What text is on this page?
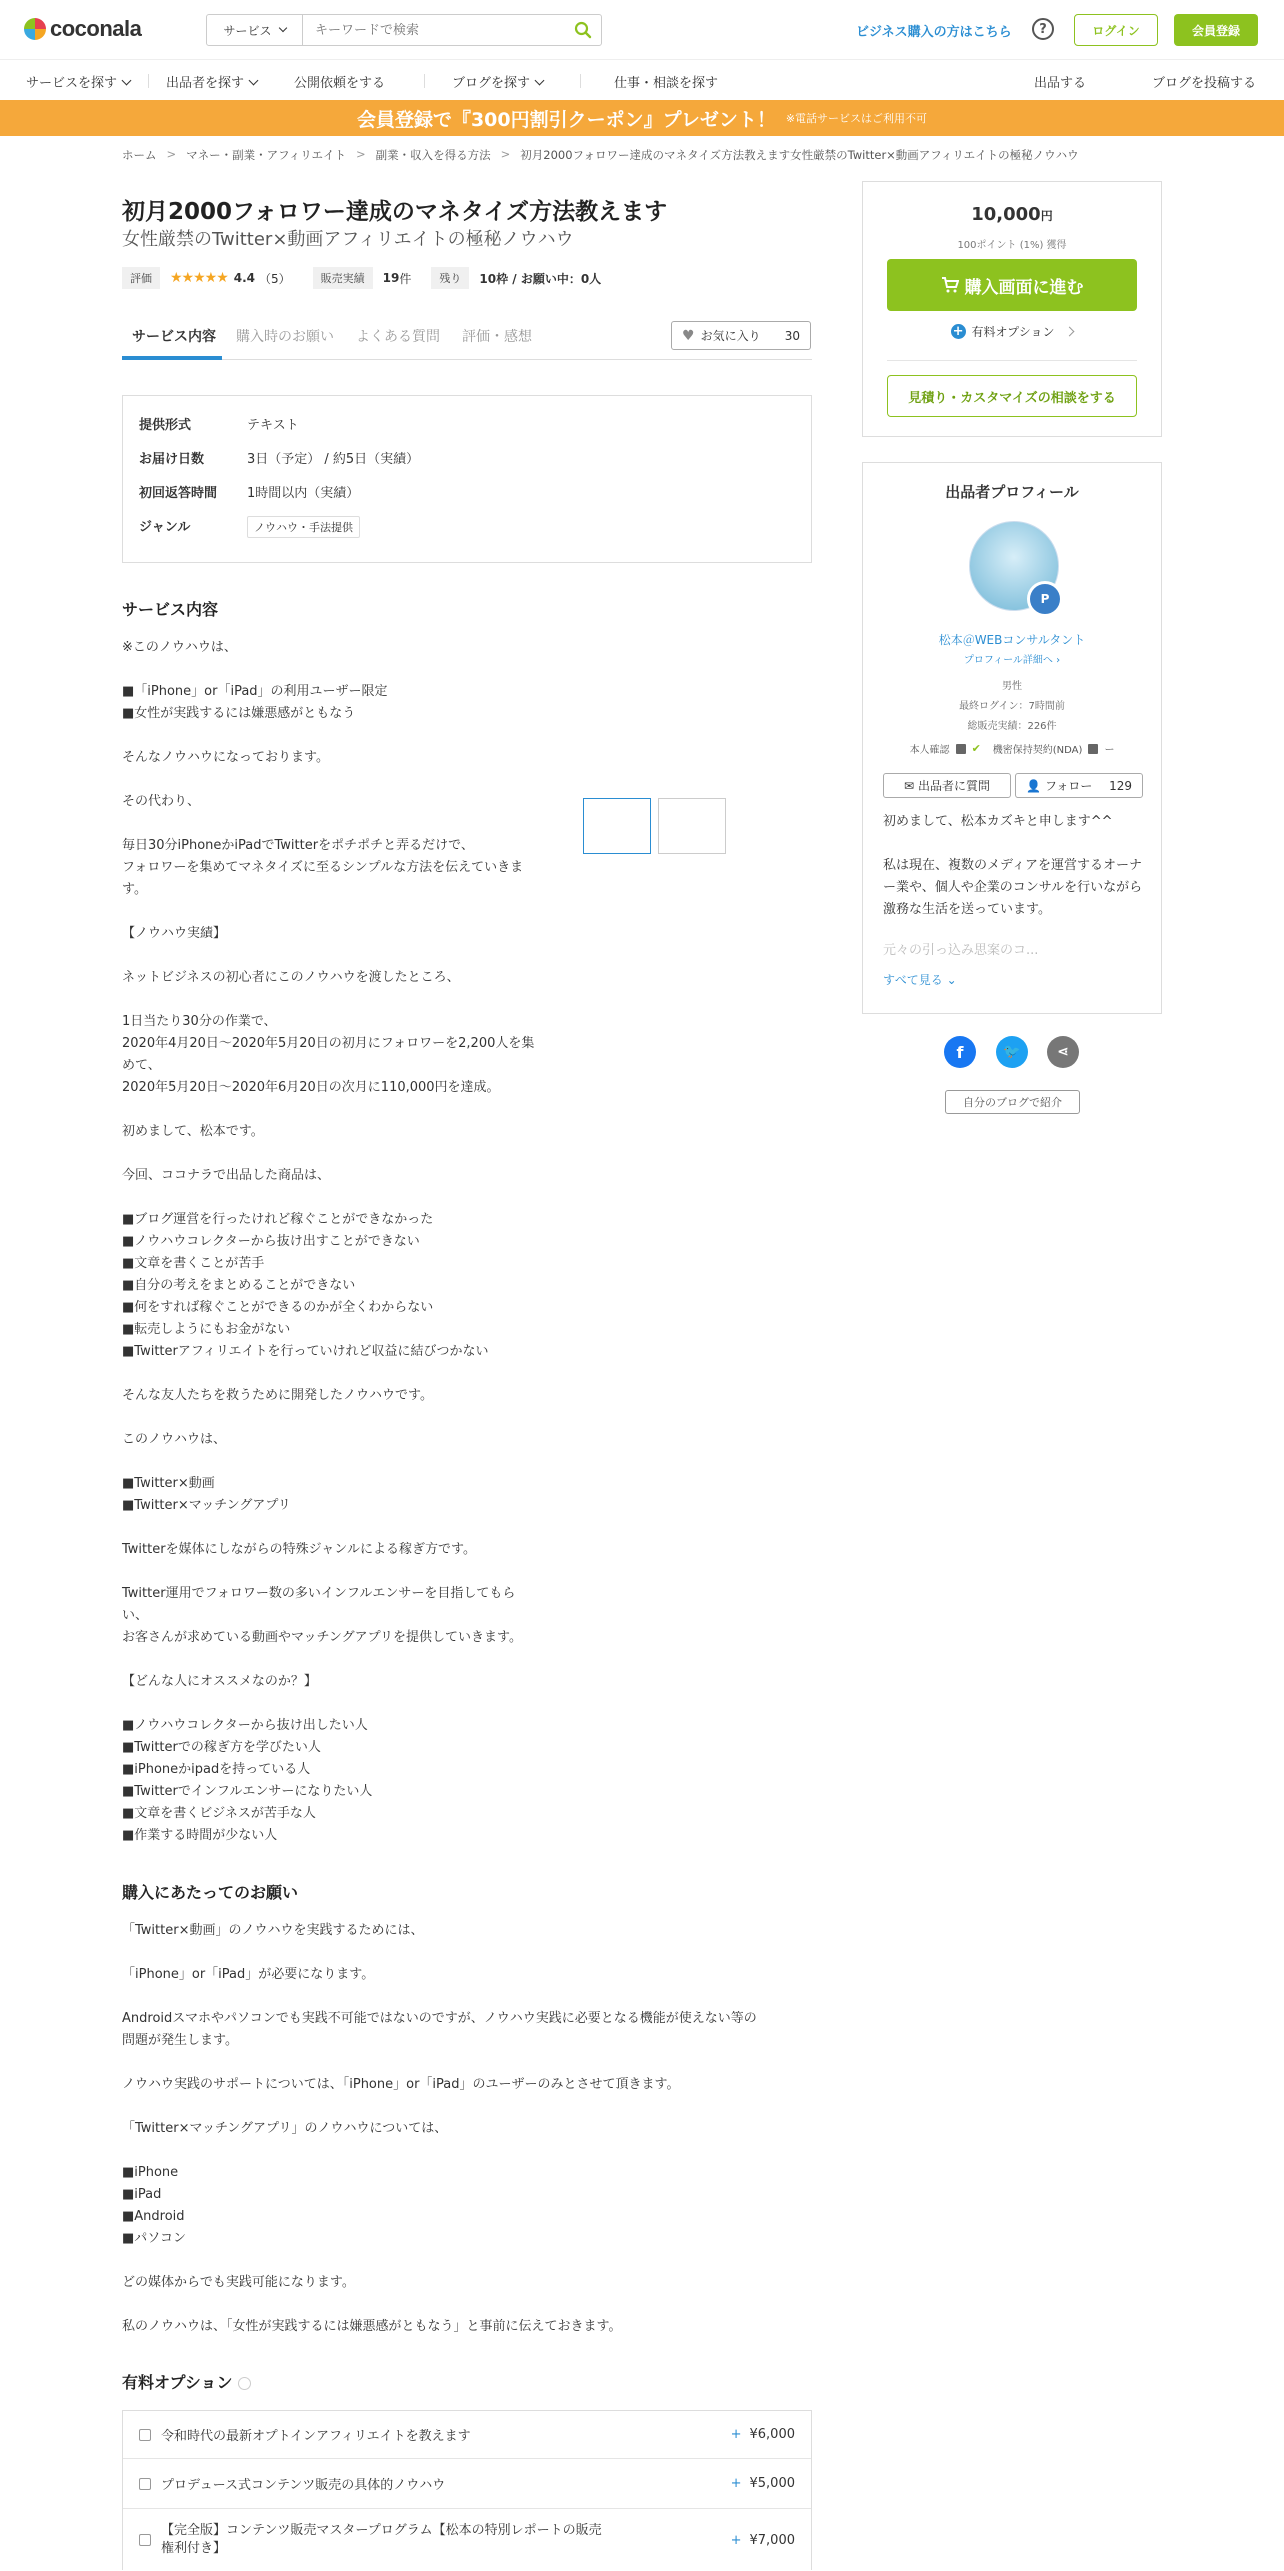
coconala	サービス
キーワードで検索	ビジネス購入の方はこちら	?	ログイン	会員登録
サービスを探す	出品者を探す	公開依頼をする	ブログを探す	仕事・相談を探す	出品する	ブログを投稿する
会員登録で『300円割引クーポン』プレゼント！ ※電話サービスはご利用不可
ホーム > マネー・副業・アフィリエイト > 副業・収入を得る方法 > 初月2000フォロワー達成のマネタイズ方法教えます女性厳禁のTwitter×動画アフィリエイトの極秘ノウハウ
初月2000フォロワー達成のマネタイズ方法教えます
女性厳禁のTwitter×動画アフィリエイトの極秘ノウハウ
評価	★★★★★ 4.4 （5）	販売実績	19 件	残り	10枠 / お願い中：0人
サービス内容 購入時のお願い よくある質問 評価・感想	♥ お気に入り 30
提供形式	テキスト
お届け日数	3日（予定） / 約5日（実績）
初回返答時間	1時間以内（実績）
ジャンル	ノウハウ・手法提供
サービス内容
※このノウハウは、
■「iPhone」or「iPad」の利用ユーザー限定
■女性が実践するには嫌悪感がともなう
そんなノウハウになっております。
その代わり、
毎日30分iPhoneかiPadでTwitterをポチポチと弄るだけで、
フォロワーを集めてマネタイズに至るシンプルな方法を伝えていきま
す。
【ノウハウ実績】
ネットビジネスの初心者にこのノウハウを渡したところ、
1日当たり30分の作業で、
2020年4月20日～2020年5月20日の初月にフォロワーを2,200人を集
めて、
2020年5月20日～2020年6月20日の次月に110,000円を達成。
初めまして、松本です。
今回、ココナラで出品した商品は、
■ブログ運営を行ったけれど稼ぐことができなかった
■ノウハウコレクターから抜け出すことができない
■文章を書くことが苦手
■自分の考えをまとめることができない
■何をすれば稼ぐことができるのかが全くわからない
■転売しようにもお金がない
■Twitterアフィリエイトを行っていけれど収益に結びつかない
そんな友人たちを救うために開発したノウハウです。
このノウハウは、
■Twitter×動画
■Twitter×マッチングアプリ
Twitterを媒体にしながらの特殊ジャンルによる稼ぎ方です。
Twitter運用でフォロワー数の多いインフルエンサーを目指してもら
い、
お客さんが求めている動画やマッチングアプリを提供していきます。
【どんな人にオススメなのか？】
■ノウハウコレクターから抜け出したい人
■Twitterでの稼ぎ方を学びたい人
■iPhoneかipadを持っている人
■Twitterでインフルエンサーになりたい人
■文章を書くビジネスが苦手な人
■作業する時間が少ない人
購入にあたってのお願い
「Twitter×動画」のノウハウを実践するためには、
「iPhone」or「iPad」が必要になります。
Androidスマホやパソコンでも実践不可能ではないのですが、ノウハウ実践に必要となる機能が使えない等の
問題が発生します。
ノウハウ実践のサポートについては、「iPhone」or「iPad」のユーザーのみとさせて頂きます。
「Twitter×マッチングアプリ」のノウハウについては、
■iPhone
■iPad
■Android
■パソコン
どの媒体からでも実践可能になります。
私のノウハウは、「女性が実践するには嫌悪感がともなう」と事前に伝えておきます。
有料オプション
令和時代の最新オプトインアフィリエイトを教えます	+ ¥6,000
プロデュース式コンテンツ販売の具体的ノウハウ	+ ¥5,000
【完全版】コンテンツ販売マスタープログラム【松本の特別レポートの販売
権利付き】
+ ¥7,000
10,000円
100ポイント (1%) 獲得
購入画面に進む
+ 有料オプション
見積り・カスタマイズの相談をする
出品者プロフィール
P
松本＠WEBコンサルタント
プロフィール詳細へ ›
男性
最終ログイン：7時間前
総販売実績：226件
本人確認 ✔ 機密保持契約(NDA) ー
✉ 出品者に質問	👤 フォロー 129
初めまして、松本カズキと申します^^
私は現在、複数のメディアを運営するオーナー業や、個人や企業のコンサルを行いながら激務な生活を送っています。
元々の引っ込み思案のコ...
すべて見る ⌄
f	🐦	⋖
自分のブログで紹介
